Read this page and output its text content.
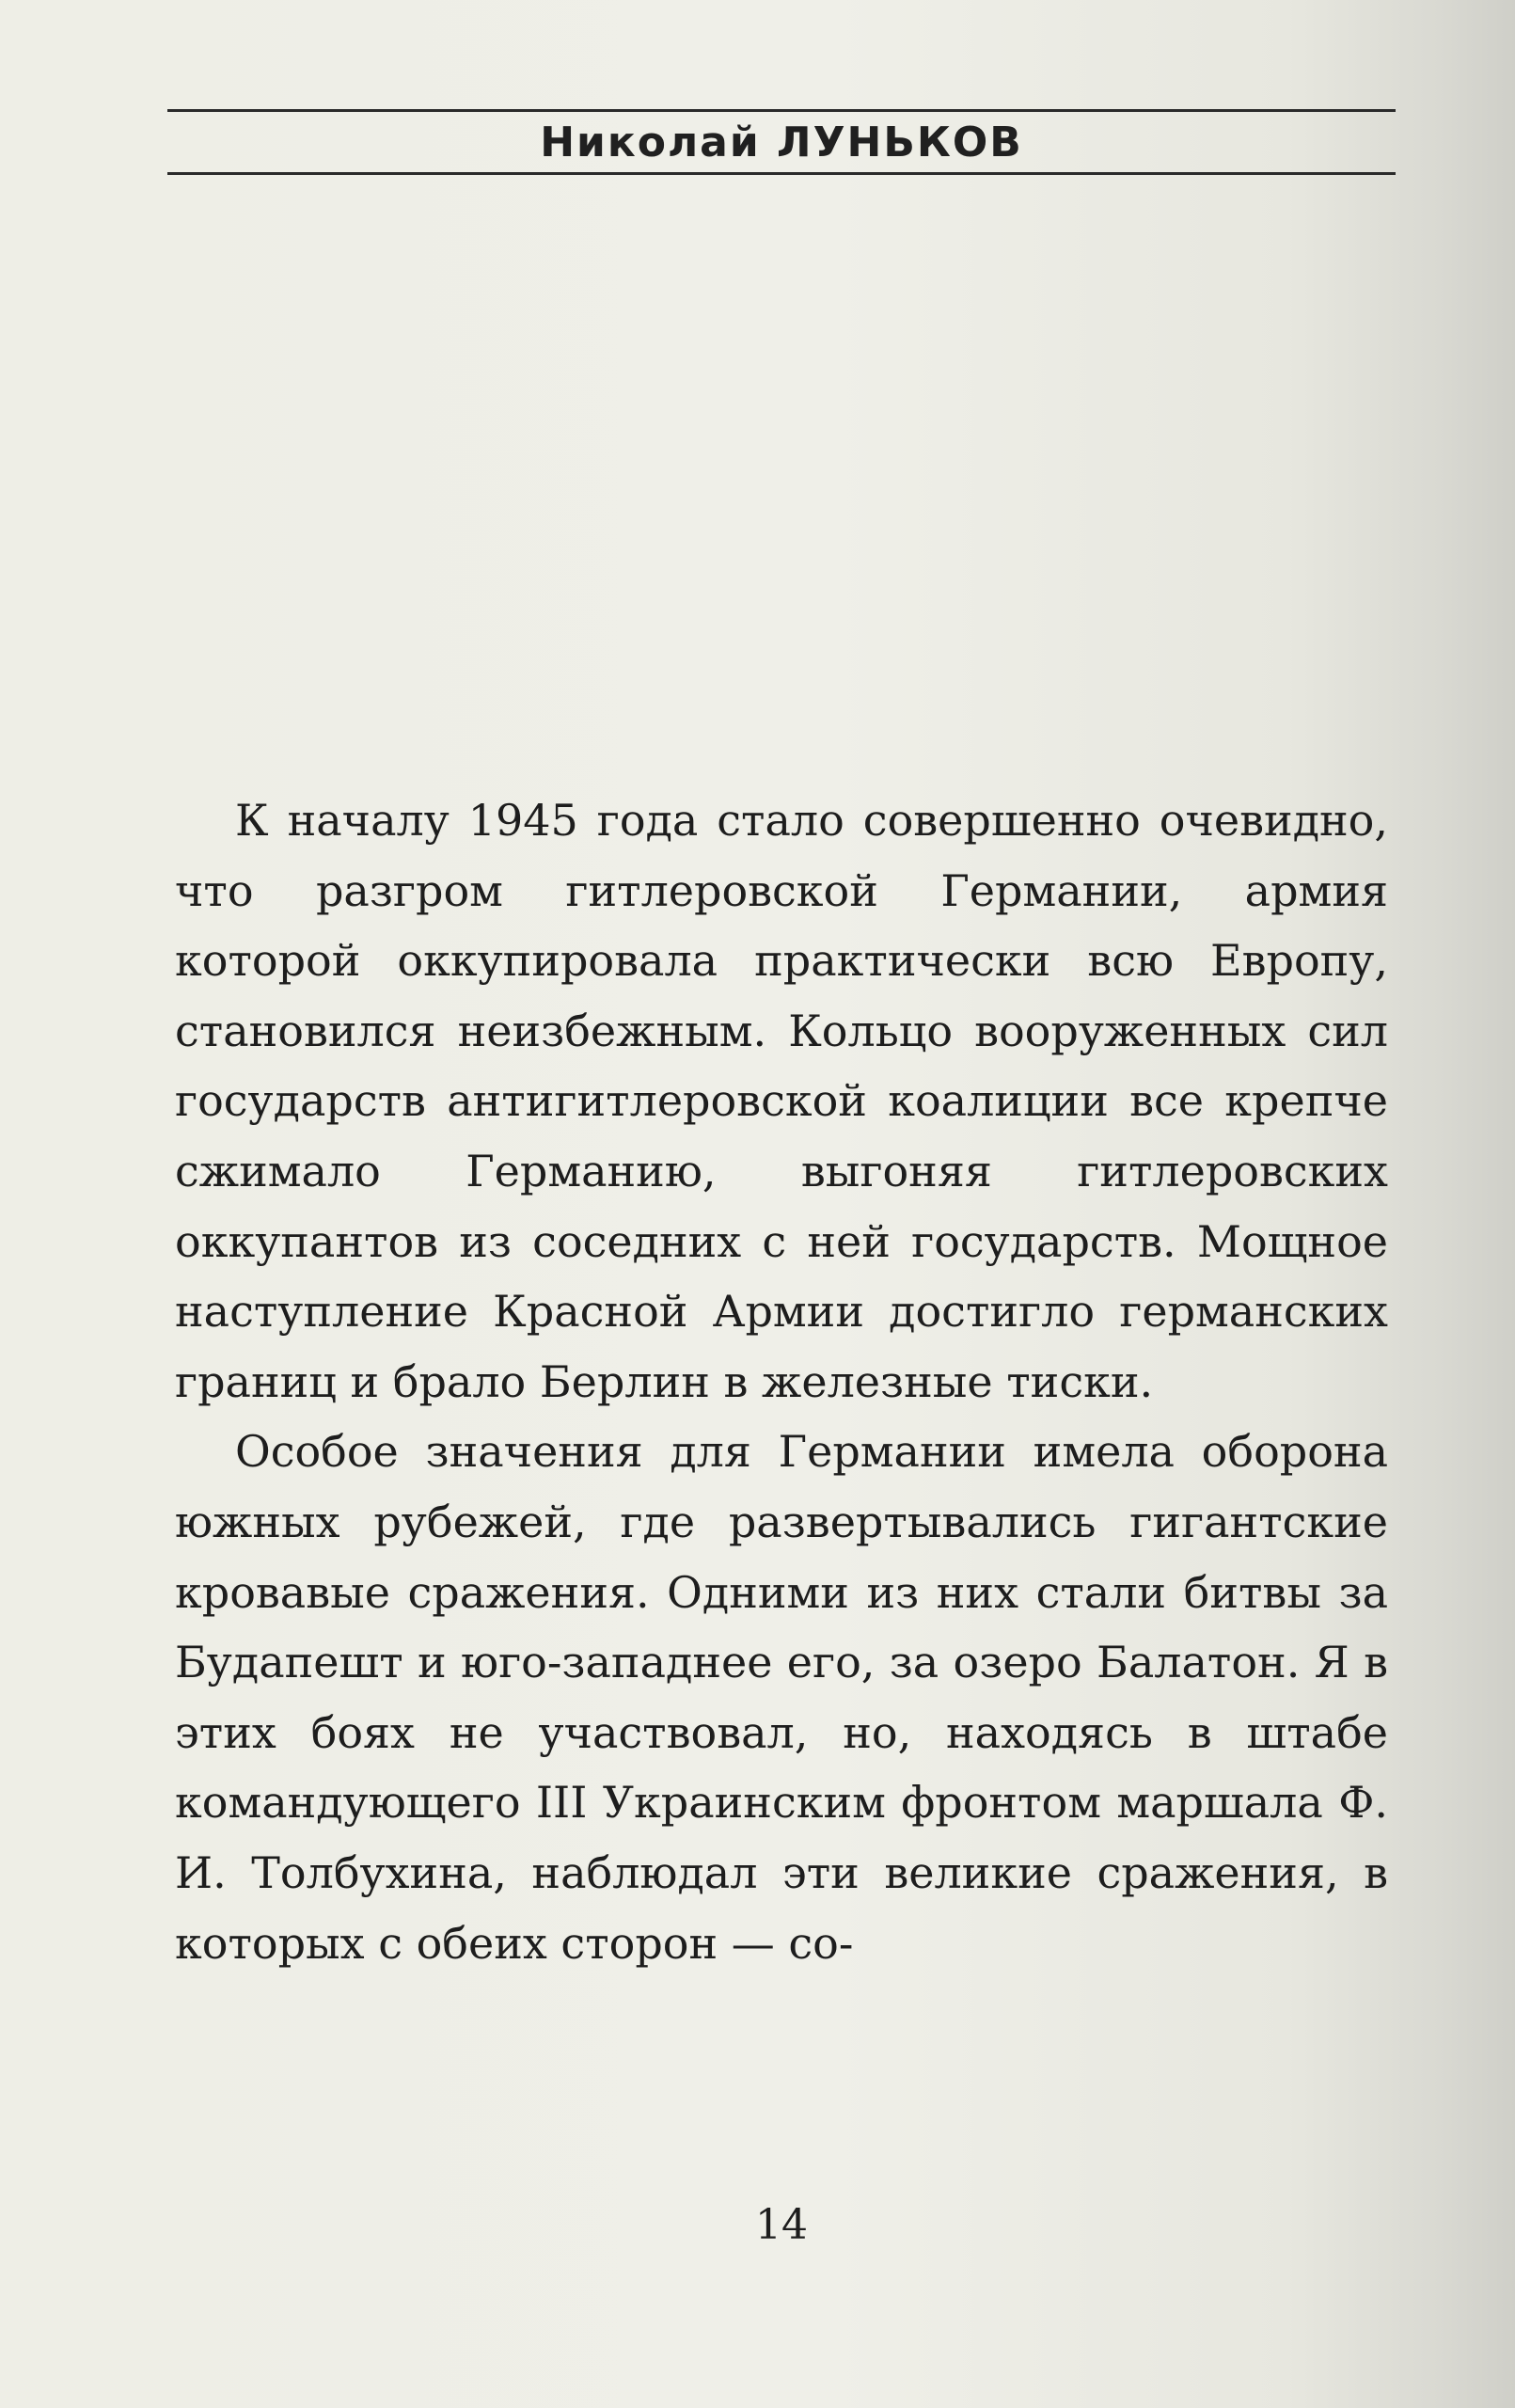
Николай ЛУНЬКОВ

К началу 1945 года стало совершенно очевидно, что разгром гитлеровской Германии, армия которой оккупировала практически всю Европу, становился неизбежным. Кольцо вооруженных сил государств антигитлеровской коалиции все крепче сжимало Германию, выгоняя гитлеровских оккупантов из соседних с ней государств. Мощное наступление Красной Армии достигло германских границ и брало Берлин в железные тиски.

Особое значения для Германии имела оборона южных рубежей, где развертывались гигантские кровавые сражения. Одними из них стали битвы за Будапешт и юго-западнее его, за озеро Балатон. Я в этих боях не участвовал, но, находясь в штабе командующего III Украинским фронтом маршала Ф. И. Толбухина, наблюдал эти великие сражения, в которых с обеих сторон — со-

14
